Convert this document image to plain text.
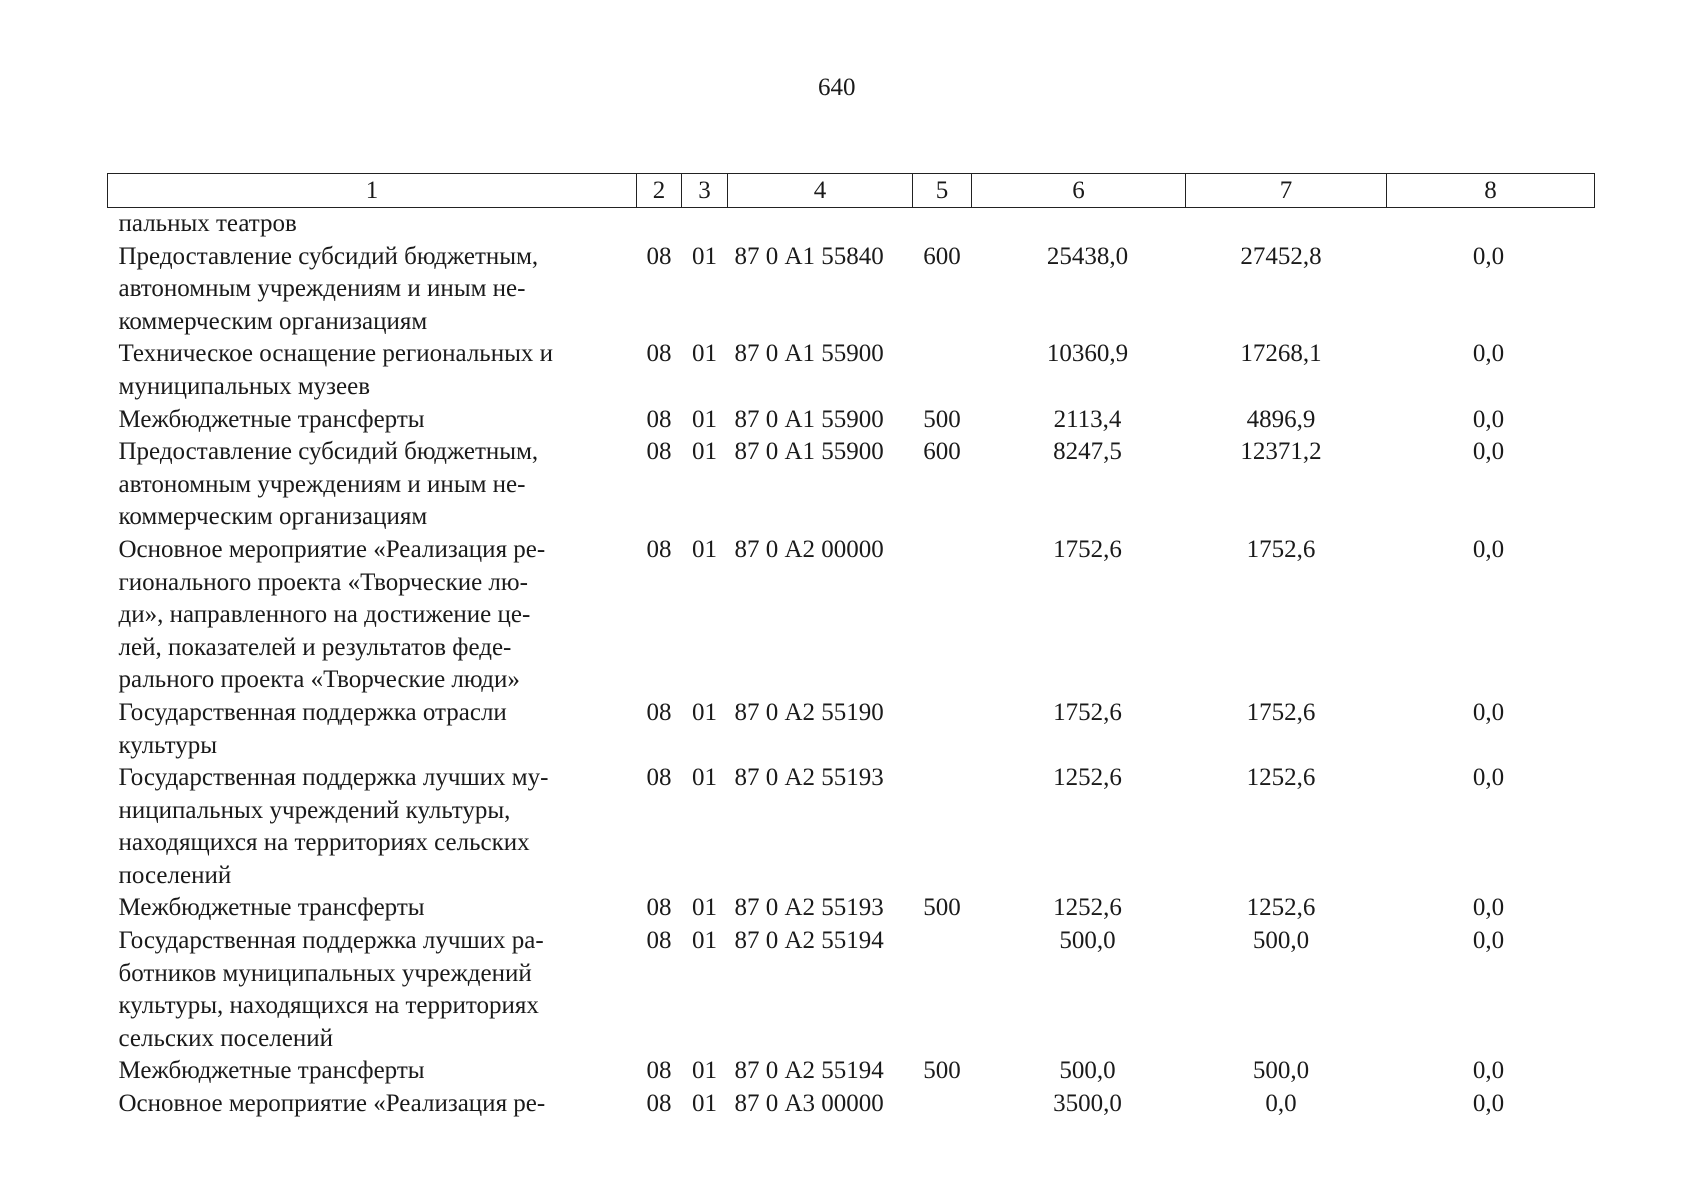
640
1	2	3	4	5	6	7	8

пальных театров							

Предоставление субсидий бюджетным,
автономным учреждениям и иным не-
коммерческим организациям	08	01	87 0 А1 55840	600	25438,0	27452,8	0,0

Техническое оснащение региональных и
муниципальных музеев	08	01	87 0 А1 55900		10360,9	17268,1	0,0

Межбюджетные трансферты	08	01	87 0 А1 55900	500	2113,4	4896,9	0,0

Предоставление субсидий бюджетным,
автономным учреждениям и иным не-
коммерческим организациям	08	01	87 0 А1 55900	600	8247,5	12371,2	0,0

Основное мероприятие «Реализация ре-
гионального проекта «Творческие лю-
ди», направленного на достижение це-
лей, показателей и результатов феде-
рального проекта «Творческие люди»	08	01	87 0 А2 00000		1752,6	1752,6	0,0

Государственная поддержка отрасли
культуры	08	01	87 0 А2 55190		1752,6	1752,6	0,0

Государственная поддержка лучших му-
ниципальных учреждений культуры,
находящихся на территориях сельских
поселений	08	01	87 0 А2 55193		1252,6	1252,6	0,0

Межбюджетные трансферты	08	01	87 0 А2 55193	500	1252,6	1252,6	0,0

Государственная поддержка лучших ра-
ботников муниципальных учреждений
культуры, находящихся на территориях
сельских поселений	08	01	87 0 А2 55194		500,0	500,0	0,0

Межбюджетные трансферты	08	01	87 0 А2 55194	500	500,0	500,0	0,0

Основное мероприятие «Реализация ре-	08	01	87 0 А3 00000		3500,0	0,0	0,0
